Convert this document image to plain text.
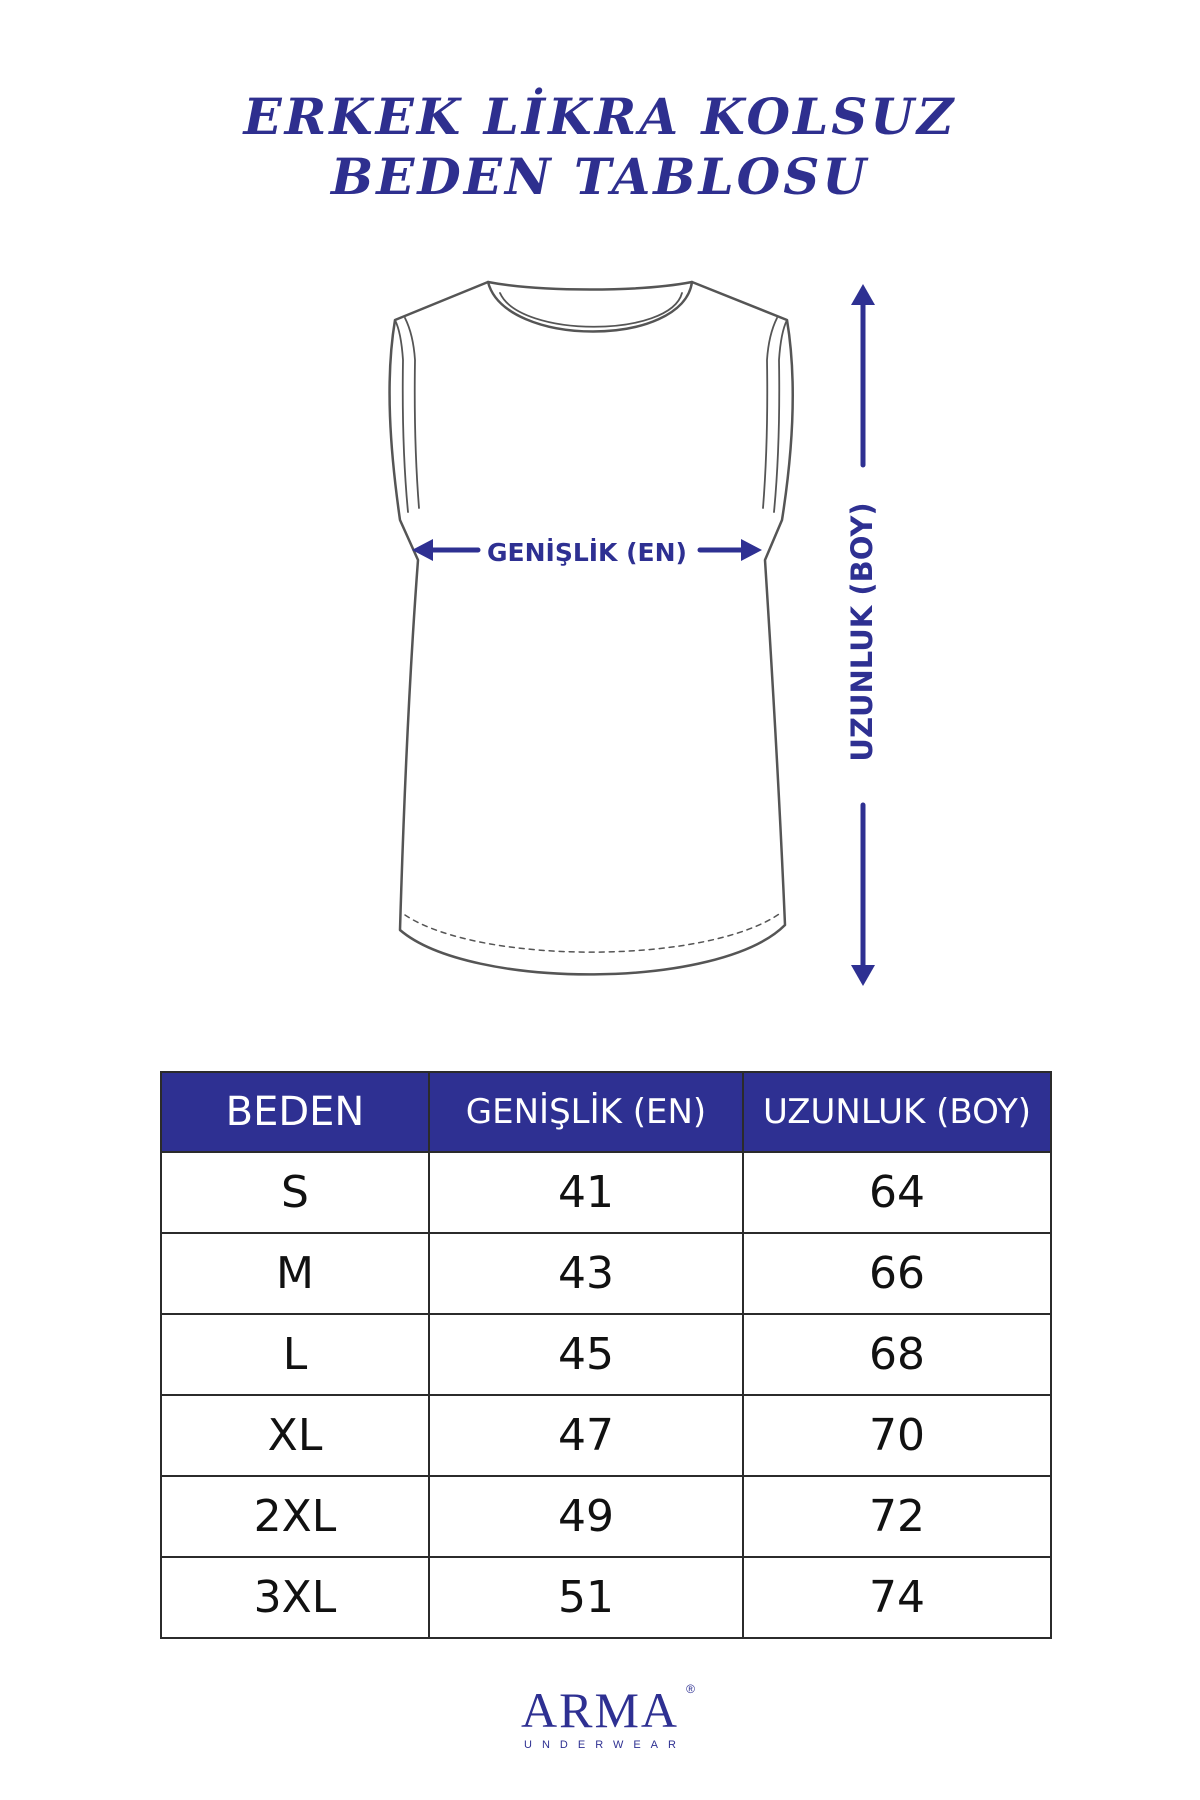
ERKEK LİKRA KOLSUZ
BEDEN TABLOSU
GENİŞLİK (EN)	UZUNLUK (BOY)
BEDEN	GENİŞLİK (EN)	UZUNLUK (BOY)
S	41	64
M	43	66
L	45	68
XL	47	70
2XL	49	72
3XL	51	74
ARMA ®
UNDERWEAR
